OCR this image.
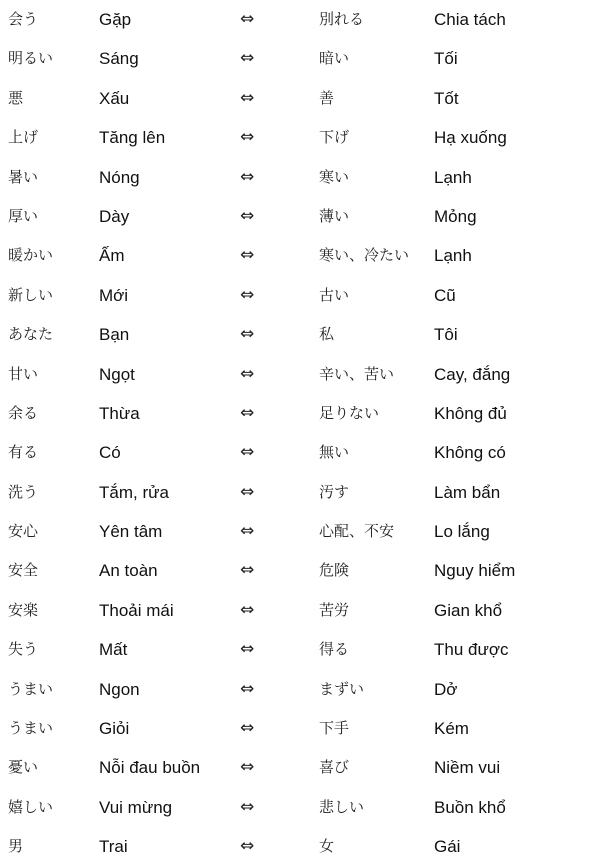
会う	Gặp	⇔	別れる	Chia tách
明るい	Sáng	⇔	暗い	Tối
悪	Xấu	⇔	善	Tốt
上げ	Tăng lên	⇔	下げ	Hạ xuống
暑い	Nóng	⇔	寒い	Lạnh
厚い	Dày	⇔	薄い	Mỏng
暖かい	Ấm	⇔	寒い、冷たい Lạnh
新しい	Mới	⇔	古い	Cũ
あなた	Bạn	⇔	私	Tôi
甘い	Ngọt	⇔	辛い、苦い Cay, đắng
余る	Thừa	⇔	足りない	Không đủ
有る	Có	⇔	無い	Không có
洗う	Tắm, rửa	⇔	汚す	Làm bẩn
安心	Yên tâm	⇔	心配、不安 Lo lắng
安全	An toàn	⇔	危険	Nguy hiểm
安楽	Thoải mái	⇔	苦労	Gian khổ
失う	Mất	⇔	得る	Thu được
うまい	Ngon	⇔	まずい	Dở
うまい	Giỏi	⇔	下手	Kém
憂い	Nỗi đau buồn ⇔	喜び	Niềm vui
嬉しい	Vui mừng	⇔	悲しい	Buồn khổ
男	Trai	⇔	女	Gái
